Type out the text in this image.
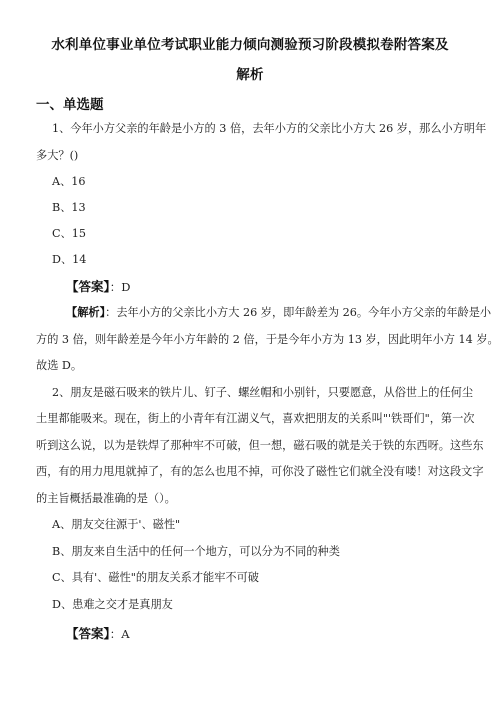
水利单位事业单位考试职业能力倾向测验预习阶段模拟卷附答案及
解析
一、单选题
1、今年小方父亲的年龄是小方的 3 倍，去年小方的父亲比小方大 26 岁，那么小方明年
多大？()
A、16
B、13
C、15
D、14
【答案】：D
【解析】：去年小方的父亲比小方大 26 岁，即年龄差为 26。今年小方父亲的年龄是小
方的 3 倍，则年龄差是今年小方年龄的 2 倍，于是今年小方为 13 岁，因此明年小方 14 岁。
故选 D。
2、朋友是磁石吸来的铁片儿、钉子、螺丝帽和小别针，只要愿意，从俗世上的任何尘
土里都能吸来。现在，街上的小青年有江湖义气，喜欢把朋友的关系叫"'铁哥们"，第一次
听到这么说，以为是铁焊了那种牢不可破，但一想，磁石吸的就是关于铁的东西呀。这些东
西，有的用力甩甩就掉了，有的怎么也甩不掉，可你没了磁性它们就全没有喽！对这段文字
的主旨概括最准确的是（）。
A、朋友交往源于'、磁性"
B、朋友来自生活中的任何一个地方，可以分为不同的种类
C、具有'、磁性"的朋友关系才能牢不可破
D、患难之交才是真朋友
【答案】：A
